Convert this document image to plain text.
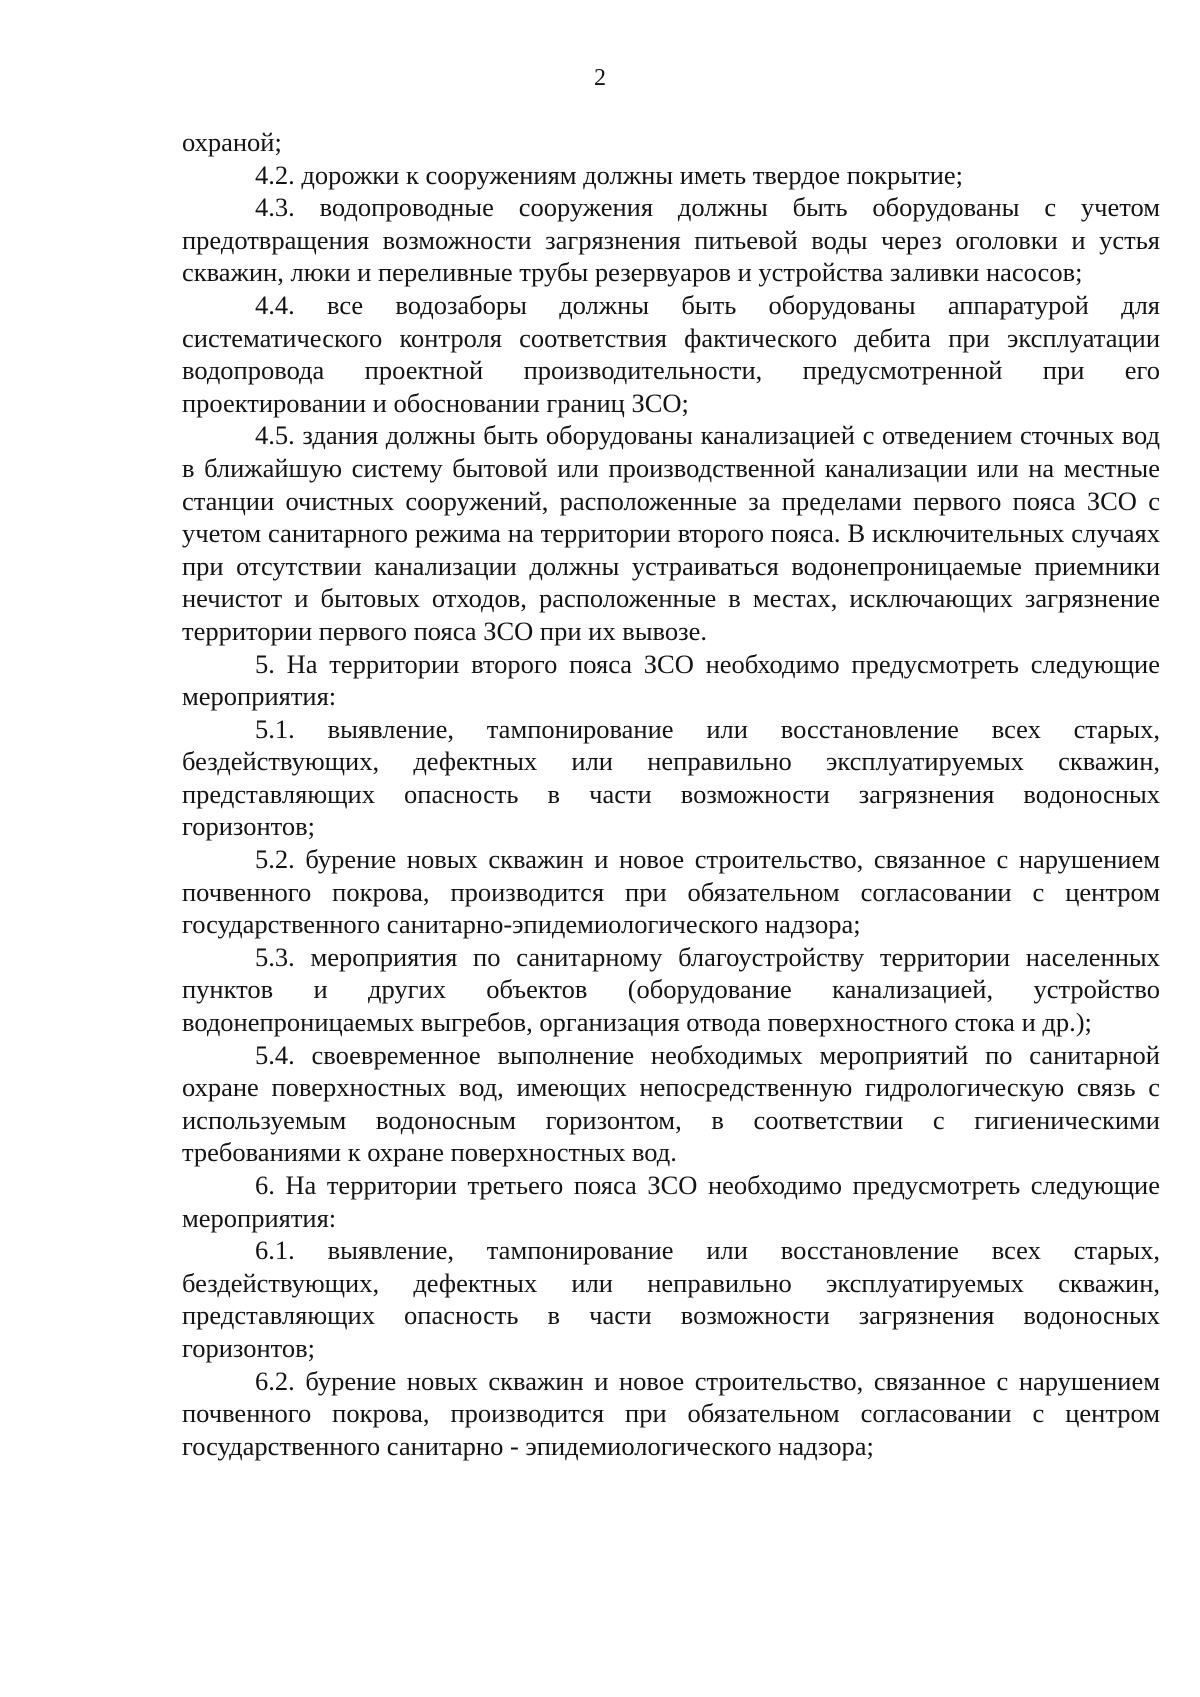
2

охраной;

4.2. дорожки к сооружениям должны иметь твердое покрытие;

4.3. водопроводные сооружения должны быть оборудованы с учетом предотвращения возможности загрязнения питьевой воды через оголовки и устья скважин, люки и переливные трубы резервуаров и устройства заливки насосов;

4.4. все водозаборы должны быть оборудованы аппаратурой для систематического контроля соответствия фактического дебита при эксплуатации водопровода проектной производительности, предусмотренной при его проектировании и обосновании границ ЗСО;

4.5. здания должны быть оборудованы канализацией с отведением сточных вод в ближайшую систему бытовой или производственной канализации или на местные станции очистных сооружений, расположенные за пределами первого пояса ЗСО с учетом санитарного режима на территории второго пояса. В исключительных случаях при отсутствии канализации должны устраиваться водонепроницаемые приемники нечистот и бытовых отходов, расположенные в местах, исключающих загрязнение территории первого пояса ЗСО при их вывозе.

5. На территории второго пояса ЗСО необходимо предусмотреть следующие мероприятия:

5.1. выявление, тампонирование или восстановление всех старых, бездействующих, дефектных или неправильно эксплуатируемых скважин, представляющих опасность в части возможности загрязнения водоносных горизонтов;

5.2. бурение новых скважин и новое строительство, связанное с нарушением почвенного покрова, производится при обязательном согласовании с центром государственного санитарно-эпидемиологического надзора;

5.3. мероприятия по санитарному благоустройству территории населенных пунктов и других объектов (оборудование канализацией, устройство водонепроницаемых выгребов, организация отвода поверхностного стока и др.);

5.4. своевременное выполнение необходимых мероприятий по санитарной охране поверхностных вод, имеющих непосредственную гидрологическую связь с используемым водоносным горизонтом, в соответствии с гигиеническими требованиями к охране поверхностных вод.

6. На территории третьего пояса ЗСО необходимо предусмотреть следующие мероприятия:

6.1. выявление, тампонирование или восстановление всех старых, бездействующих, дефектных или неправильно эксплуатируемых скважин, представляющих опасность в части возможности загрязнения водоносных горизонтов;

6.2. бурение новых скважин и новое строительство, связанное с нарушением почвенного покрова, производится при обязательном согласовании с центром государственного санитарно - эпидемиологического надзора;
